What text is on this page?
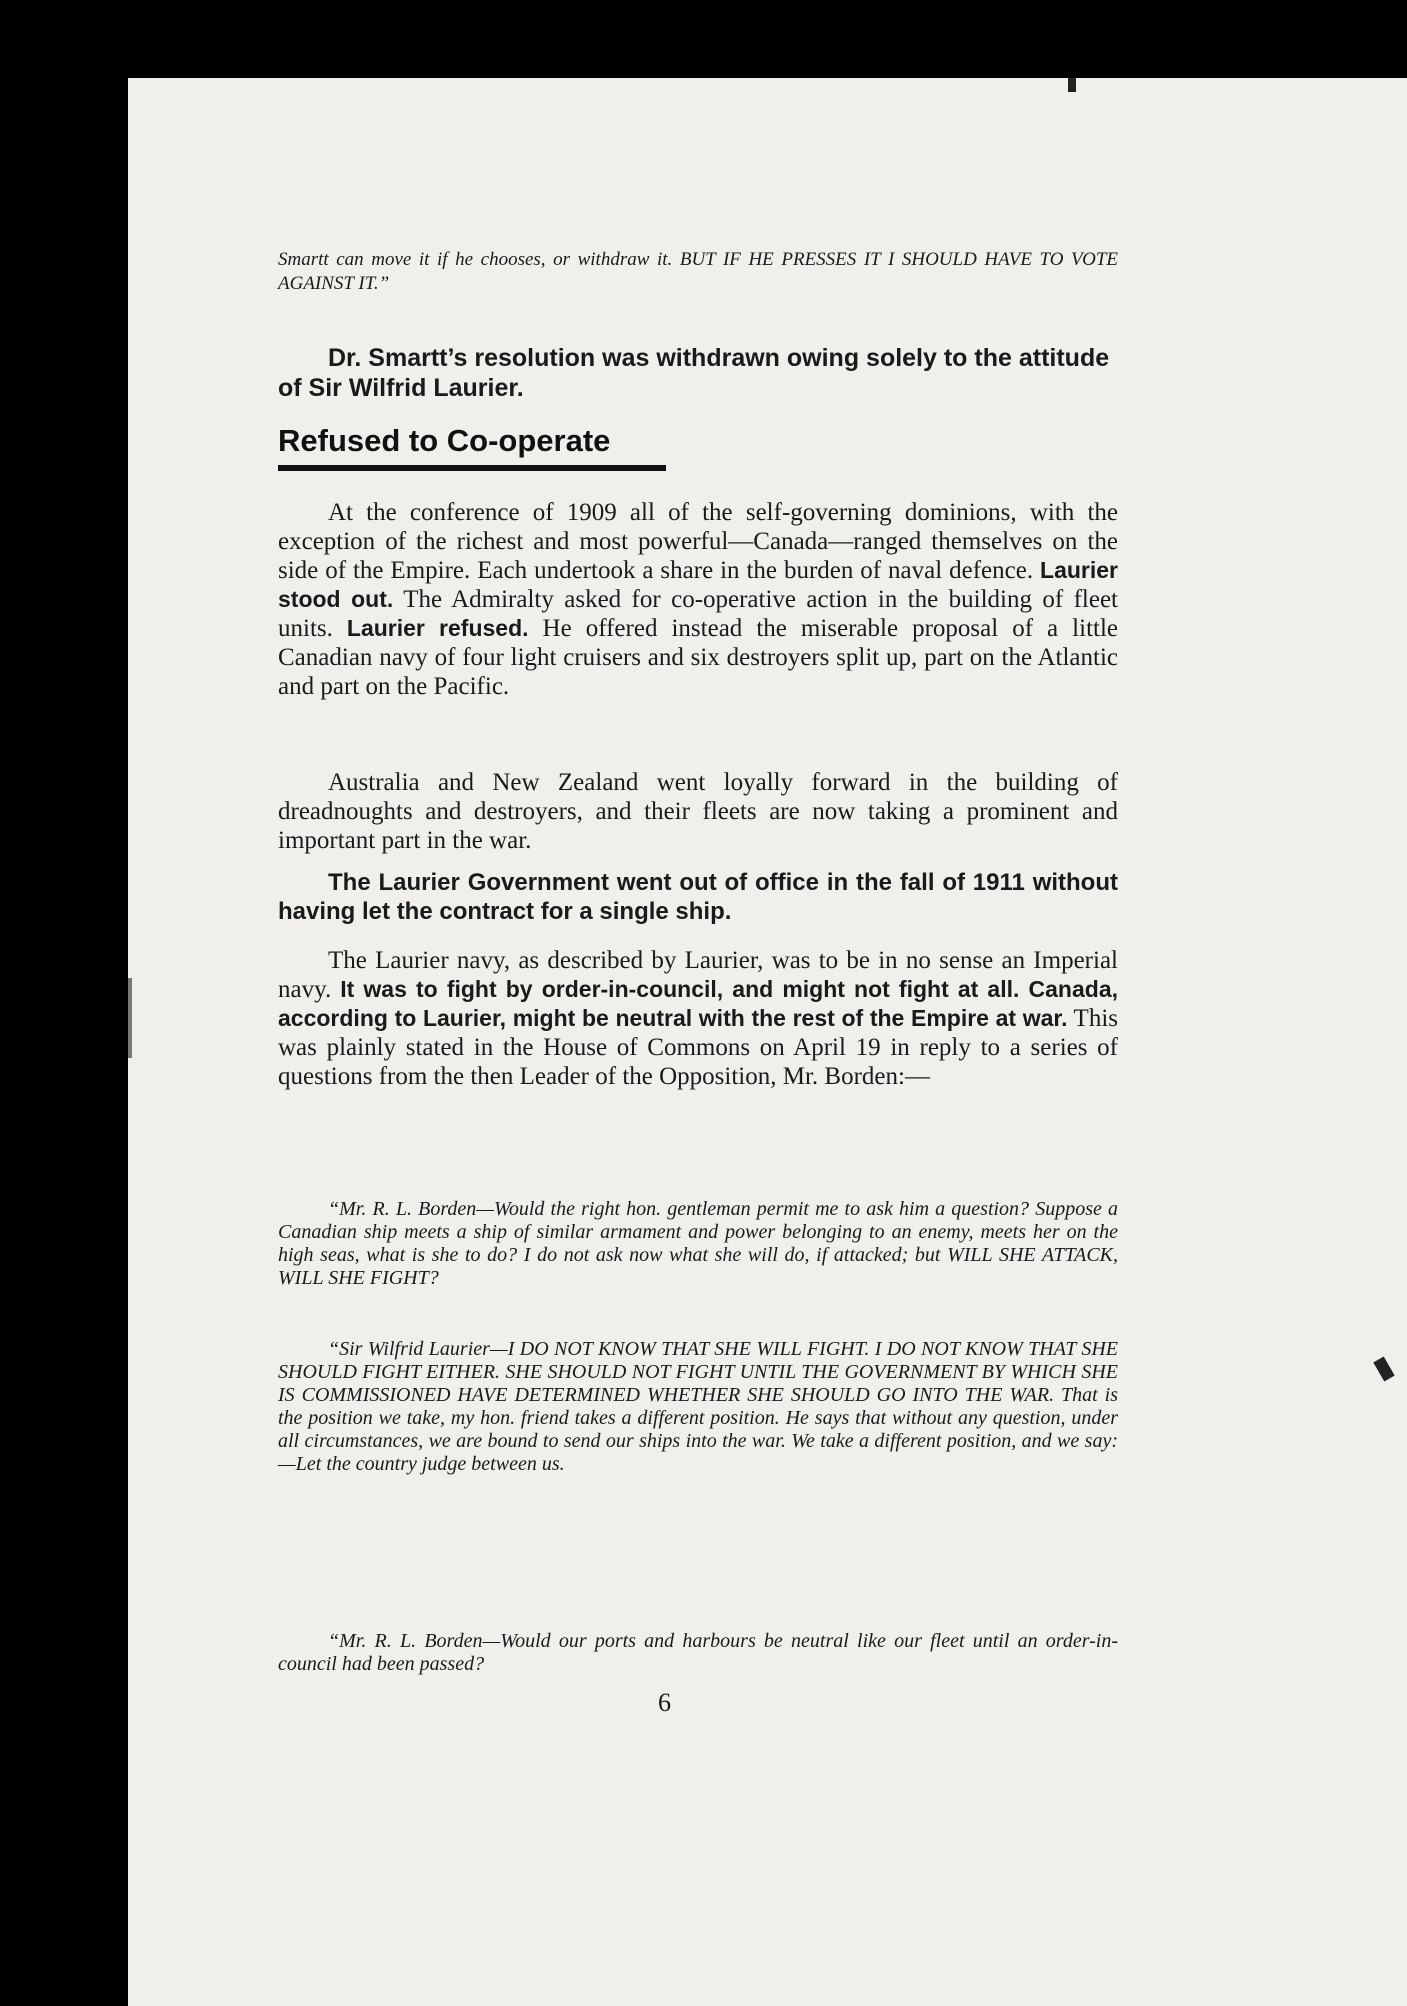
Smartt can move it if he chooses, or withdraw it. BUT IF HE PRESSES IT I SHOULD HAVE TO VOTE AGAINST IT.”
Dr. Smartt’s resolution was withdrawn owing solely to the attitude of Sir Wilfrid Laurier.
Refused to Co-operate
At the conference of 1909 all of the self-governing dominions, with the exception of the richest and most powerful—Canada—ranged themselves on the side of the Empire. Each undertook a share in the burden of naval defence. Laurier stood out. The Admiralty asked for co-operative action in the building of fleet units. Laurier refused. He offered instead the miserable proposal of a little Canadian navy of four light cruisers and six destroyers split up, part on the Atlantic and part on the Pacific.
Australia and New Zealand went loyally forward in the building of dreadnoughts and destroyers, and their fleets are now taking a prominent and important part in the war.
The Laurier Government went out of office in the fall of 1911 without having let the contract for a single ship.
The Laurier navy, as described by Laurier, was to be in no sense an Imperial navy. It was to fight by order-in-council, and might not fight at all. Canada, according to Laurier, might be neutral with the rest of the Empire at war. This was plainly stated in the House of Commons on April 19 in reply to a series of questions from the then Leader of the Opposition, Mr. Borden:—
“Mr. R. L. Borden—Would the right hon. gentleman permit me to ask him a question? Suppose a Canadian ship meets a ship of similar armament and power belonging to an enemy, meets her on the high seas, what is she to do? I do not ask now what she will do, if attacked; but WILL SHE ATTACK, WILL SHE FIGHT?
“Sir Wilfrid Laurier—I DO NOT KNOW THAT SHE WILL FIGHT. I DO NOT KNOW THAT SHE SHOULD FIGHT EITHER. SHE SHOULD NOT FIGHT UNTIL THE GOVERNMENT BY WHICH SHE IS COMMISSIONED HAVE DETERMINED WHETHER SHE SHOULD GO INTO THE WAR. That is the position we take, my hon. friend takes a different position. He says that without any question, under all circumstances, we are bound to send our ships into the war. We take a different position, and we say:—Let the country judge between us.
“Mr. R. L. Borden—Would our ports and harbours be neutral like our fleet until an order-in-council had been passed?
6
